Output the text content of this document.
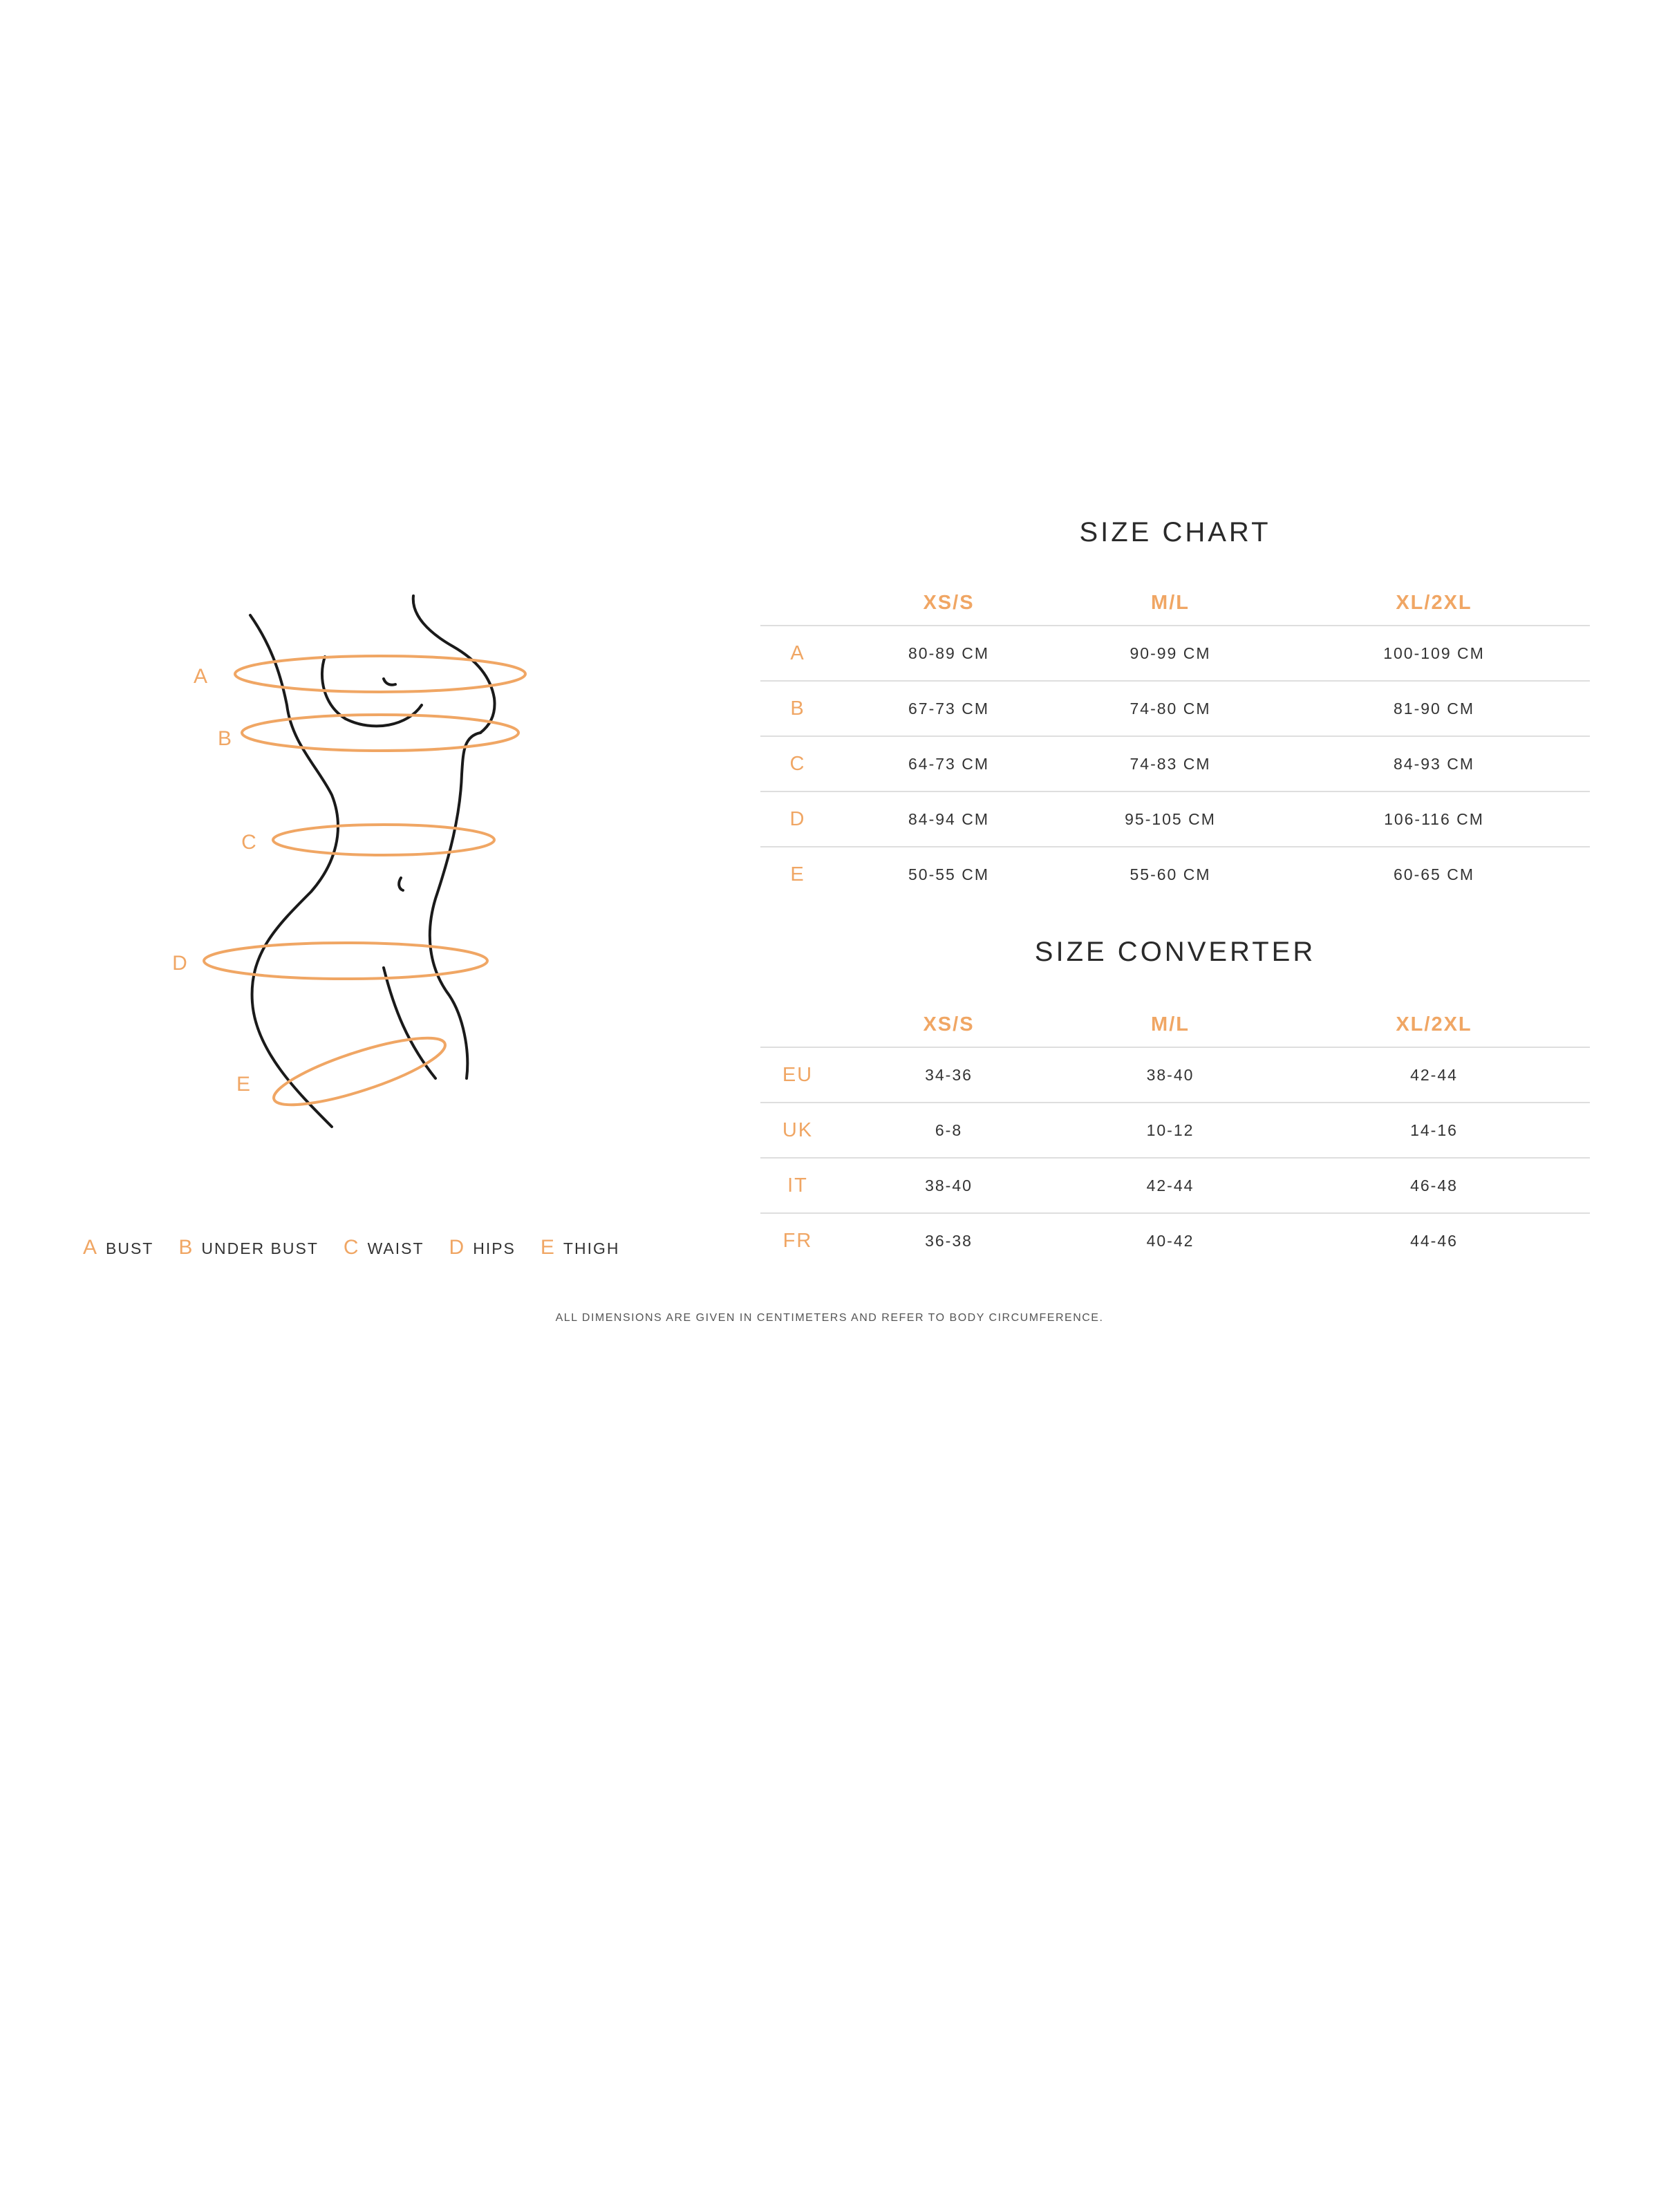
A
B
C
D
E
A BUST B UNDER BUST C WAIST D HIPS E THIGH
SIZE CHART
	XS/S	M/L	XL/2XL
A	80-89 CM	90-99 CM	100-109 CM
B	67-73 CM	74-80 CM	81-90 CM
C	64-73 CM	74-83 CM	84-93 CM
D	84-94 CM	95-105 CM	106-116 CM
E	50-55 CM	55-60 CM	60-65 CM
SIZE CONVERTER
	XS/S	M/L	XL/2XL
EU	34-36	38-40	42-44
UK	6-8	10-12	14-16
IT	38-40	42-44	46-48
FR	36-38	40-42	44-46
ALL DIMENSIONS ARE GIVEN IN CENTIMETERS AND REFER TO BODY CIRCUMFERENCE.
